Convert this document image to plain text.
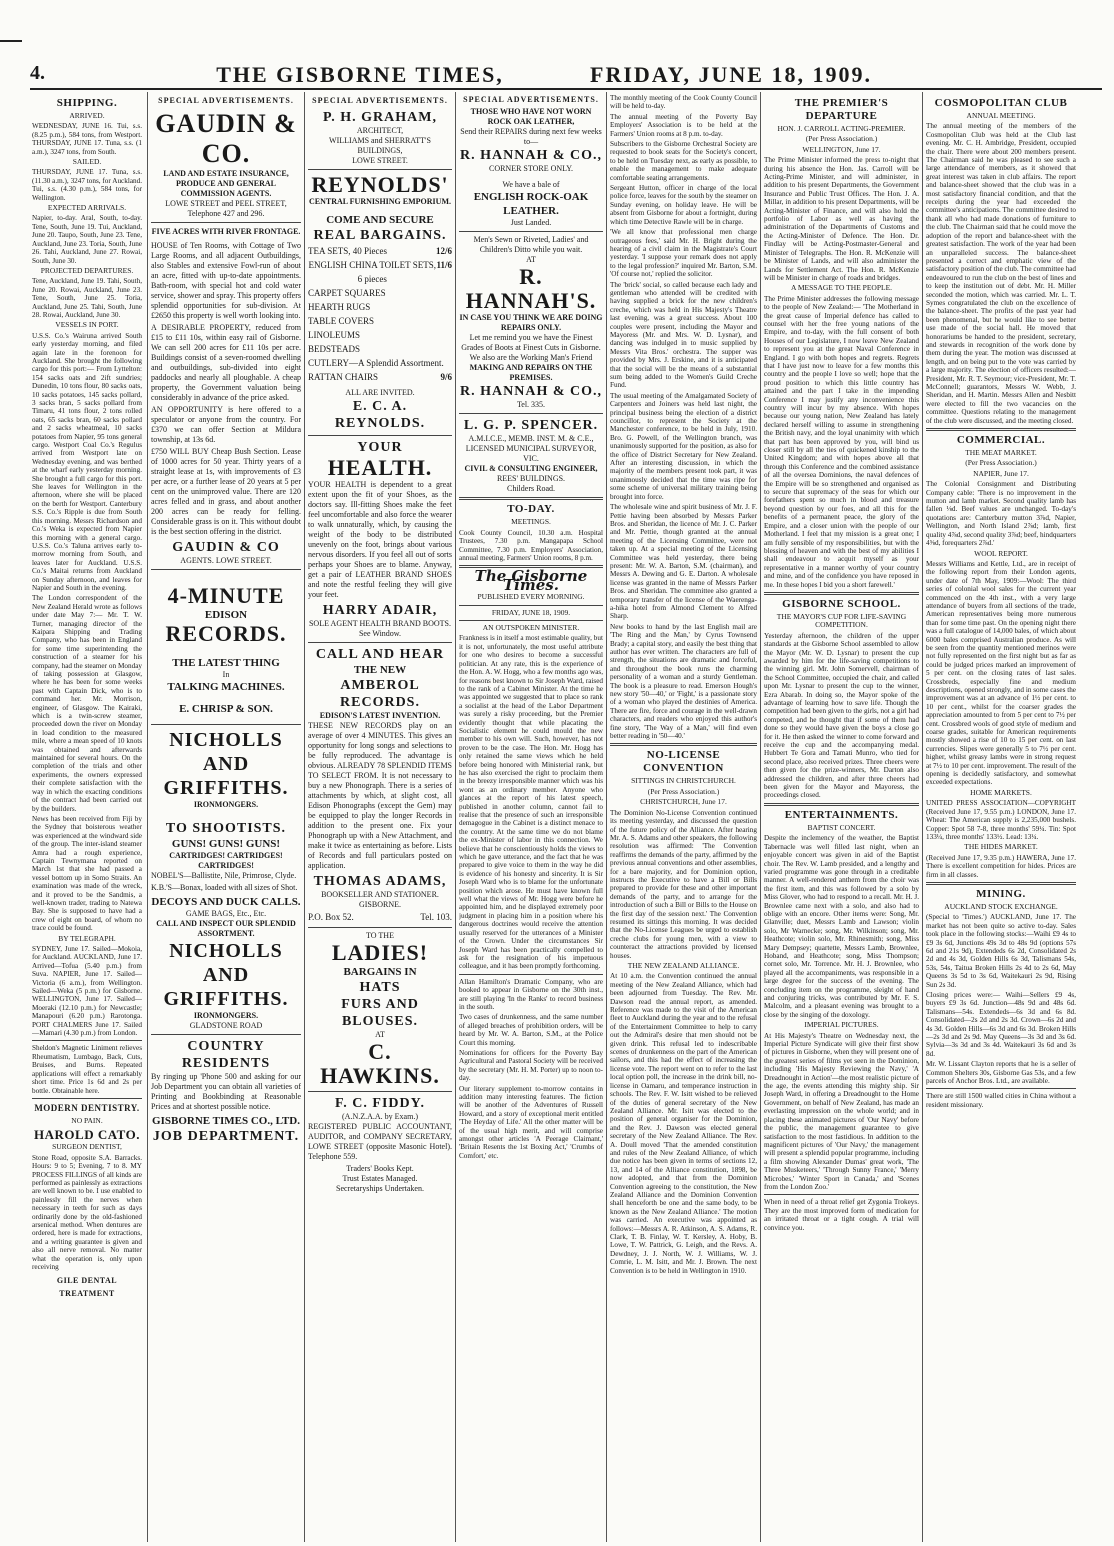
4.	THE GISBORNE TIMES,	FRIDAY, JUNE 18, 1909.
SHIPPING.
ARRIVED.

WEDNESDAY, JUNE 16. Tui, s.s. (8.25 p.m.), 584 tons, from Westport. THURSDAY, JUNE 17. Tuna, s.s. (1 a.m.), 3247 tons, from South.

SAILED.

THURSDAY, JUNE 17. Tuna, s.s. (11.30 a.m.), 3247 tons, for Auckland. Tui, s.s. (4.30 p.m.), 584 tons, for Wellington.

EXPECTED ARRIVALS.

Napier, to-day. Aral, South, to-day. Tene, South, June 19. Tui, Auckland, June 20. Taupo, South, June 23. Tene, Auckland, June 23. Toria, South, June 26. Tahi, Auckland, June 27. Rowai, South, June 30.

PROJECTED DEPARTURES.

Tene, Auckland, June 19. Tahi, South, June 20. Rowai, Auckland, June 23. Tene, South, June 25. Toria, Auckland, June 25. Tahi, South, June 28. Rowai, Auckland, June 30.

VESSELS IN PORT.

U.S.S. Co.'s Wairuna arrived South early yesterday morning, and filed again late in the forenoon for Auckland. She brought the following cargo for this port:— From Lyttelton: 154 sacks oats and 2ift sundries; Dunedin, 10 tons flour, 80 sacks oats, 10 sacks potatoes, 145 sacks pollard, 3 sacks bran, 5 sacks pollard from Timaru, 41 tons flour, 2 tons rolled oats, 65 sacks bran, 60 sacks pollard and 2 sacks wheatmeal, 10 sacks potatoes from Napier, 95 tons general cargo. Westport Coal Co.'s Regulus arrived from Westport late on Wednesday evening, and was berthed at the wharf early yesterday morning. She brought a full cargo for this port. She leaves for Wellington in the afternoon, where she will be placed on the berth for Westport. Canterbury S.S. Co.'s Ripple is due from South this morning. Messrs Richardson and Co.'s Weka is expected from Napier this morning with a general cargo. U.S.S. Co.'s Taluna arrives early to-morrow morning from South, and leaves later for Auckland. U.S.S. Co.'s Maitai returns from Auckland on Sunday afternoon, and leaves for Napier and South in the evening.

The London correspondent of the New Zealand Herald wrote as follows under date May 7:— Mr. T. W. Turner, managing director of the Kaipara Shipping and Trading Company, who has been in England for some time superintending the construction of a steamer for his company, had the steamer on Monday of taking possession at Glasgow, where he has been for some weeks past with Captain Dick, who is to command her. Mr. Morrison, engineer, of Glasgow. The Kairaki, which is a twin-screw steamer, proceeded down the river on Monday in load condition to the measured mile, where a mean speed of 10 knots was obtained and afterwards maintained for several hours. On the completion of the trials and other experiments, the owners expressed their complete satisfaction with the way in which the exacting conditions of the contract had been carried out by the builders.

News has been received from Fiji by the Sydney that boisterous weather was experienced at the windward side of the group. The inter-island steamer Amra had a rough experience, Captain Tewnymana reported on March 1st that she had passed a vessel bottom up in Somo Straits. An examination was made of the wreck, and it proved to be the Sandmis, a well-known trader, trading to Natewa Bay. She is supposed to have had a crew of eight on board, of whom no trace could be found.

BY TELEGRAPH.

SYDNEY, June 17. Sailed—Mokoia, for Auckland. AUCKLAND, June 17. Arrived—Tofua (5.40 p.m.) from Suva. NAPIER, June 17. Sailed—Victoria (6 a.m.), from Wellington. Sailed—Weka (5 p.m.) for Gisborne. WELLINGTON, June 17. Sailed—Moeraki (12.10 p.m.) for Newcastle; Manapouri (6.20 p.m.) Rarotonga. PORT CHALMERS June 17. Sailed—Mamari (4.30 p.m.) from London.

Sheldon's Magnetic Liniment relieves Rheumatism, Lumbago, Back, Cuts, Bruises, and Burns. Repeated applications will effect a remarkably short time. Price 1s 6d and 2s per bottle. Obtainable here.

MODERN DENTISTRY.
NO PAIN.
HAROLD CATO.
SURGEON DENTIST,

Stone Road, opposite S.A. Barracks. Hours: 9 to 5; Evening, 7 to 8. MY PROCESS FILLINGS of all kinds are performed as painlessly as extractions are well known to be. I use enabled to painlessly fill the nerves when necessary in teeth for such as days ordinarily done by the old-fashioned arsenical method. When dentures are ordered, here is made for extractions, and a writing guarantee is given and also all nerve removal. No matter what the operation is, only upon receiving

GILE DENTAL TREATMENT
SPECIAL ADVERTISEMENTS.
GAUDIN & CO.
LAND AND ESTATE INSURANCE, PRODUCE AND GENERAL COMMISSION AGENTS.
LOWE STREET and PEEL STREET, Telephone 427 and 296.
FIVE ACRES WITH RIVER FRONTAGE.

HOUSE of Ten Rooms, with Cottage of Two Large Rooms, and all adjacent Outbuildings, also Stables and extensive Fowl-run of about an acre, fitted with up-to-date appointments. Bath-room, with special hot and cold water service, shower and spray. This property offers splendid opportunities for sub-division. At £2650 this property is well worth looking into.

A DESIRABLE PROPERTY, reduced from £15 to £11 10s, within easy rail of Gisborne. We can sell 200 acres for £11 10s per acre. Buildings consist of a seven-roomed dwelling and outbuildings, sub-divided into eight paddocks and nearly all ploughable. A cheap property, the Government valuation being considerably in advance of the price asked.

AN OPPORTUNITY is here offered to a speculator or anyone from the country. For £370 we can offer Section at Mildura township, at 13s 6d.

£750 WILL BUY Cheap Bush Section. Lease of 1000 acres for 50 year. Thirty years of a straight lease at 1s, with improvements of £3 per acre, or a further lease of 20 years at 5 per cent on the unimproved value. There are 120 acres felled and in grass, and about another 200 acres can be ready for felling. Considerable grass is on it. This without doubt is the best section offering in the district.

GAUDIN & CO
AGENTS. LOWE STREET.
4-MINUTE
EDISON
RECORDS.
THE LATEST THING
In
TALKING MACHINES.
E. CHRISP & SON.
NICHOLLS AND GRIFFITHS.
IRONMONGERS.
TO SHOOTISTS.
GUNS! GUNS! GUNS!
CARTRIDGES! CARTRIDGES! CARTRIDGES!

NOBEL'S—Ballistite, Nile, Primrose, Clyde.

K.B.'S—Bonax, loaded with all sizes of Shot.

DECOYS AND DUCK CALLS.
GAME BAGS, Etc., Etc.
CALL AND INSPECT OUR SPLENDID ASSORTMENT.
NICHOLLS AND GRIFFITHS.
IRONMONGERS.
GLADSTONE ROAD
COUNTRY
RESIDENTS

By ringing up 'Phone 500 and asking for our Job Department you can obtain all varieties of Printing and Bookbinding at Reasonable Prices and at shortest possible notice.

GISBORNE TIMES CO., LTD.
JOB DEPARTMENT.
SPECIAL ADVERTISEMENTS.
P. H. GRAHAM,
ARCHITECT,
WILLIAMS and SHERRATT'S BUILDINGS,
LOWE STREET.
REYNOLDS'
CENTRAL FURNISHING EMPORIUM.
COME AND SECURE
REAL BARGAINS.
TEA SETS, 40 Pieces	12/6
ENGLISH CHINA TOILET SETS, 6 pieces
11/6
CARPET SQUARES
HEARTH RUGS
TABLE COVERS
LINOLEUMS
BEDSTEADS
CUTLERY—A Splendid Assortment.
RATTAN CHAIRS	9/6
ALL ARE INVITED.
E. C. A. REYNOLDS.
YOUR
HEALTH.

YOUR HEALTH is dependent to a great extent upon the fit of your Shoes, as the doctors say. Ill-fitting Shoes make the feet feel uncomfortable and also force the wearer to walk unnaturally, which, by causing the weight of the body to be distributed unevenly on the foot, brings about various nervous disorders. If you feel all out of sorts perhaps your Shoes are to blame. Anyway, get a pair of LEATHER BRAND SHOES and note the restful feeling they will give your feet.

HARRY ADAIR,
SOLE AGENT HEALTH BRAND BOOTS. See Window.
CALL AND HEAR
THE NEW
AMBEROL RECORDS.
EDISON'S LATEST INVENTION.

THESE NEW RECORDS play on an average of over 4 MINUTES. This gives an opportunity for long songs and selections to be fully reproduced. The advantage is obvious. ALREADY 78 SPLENDID ITEMS TO SELECT FROM. It is not necessary to buy a new Phonograph. There is a series of attachments by which, at slight cost, all Edison Phonographs (except the Gem) may be equipped to play the longer Records in addition to the present one. Fix your Phonograph up with a New Attachment, and make it twice as entertaining as before. Lists of Records and full particulars posted on application.

THOMAS ADAMS,
BOOKSELLER AND STATIONER. GISBORNE.
P.O. Box 52.	Tel. 103.
TO THE
LADIES!
BARGAINS IN
HATS
FURS AND
BLOUSES.
AT
C. HAWKINS.
F. C. FIDDY.
(A.N.Z.A.A. by Exam.)

REGISTERED PUBLIC ACCOUNTANT, AUDITOR, and COMPANY SECRETARY, LOWE STREET (opposite Masonic Hotel). Telephone 559.

Traders' Books Kept.
Trust Estates Managed.
Secretaryships Undertaken.
SPECIAL ADVERTISEMENTS.
THOSE WHO HAVE NOT WORN ROCK OAK LEATHER,
Send their REPAIRS during next few weeks to—
R. HANNAH & CO.,
CORNER STORE ONLY.
We have a bale of
ENGLISH ROCK-OAK LEATHER.
Just Landed.
Men's Sewn or Riveted, Ladies' and Children's Ditto while you wait.
AT
R. HANNAH'S.
IN CASE YOU THINK WE ARE DOING REPAIRS ONLY.
Let me remind you we have the Finest Grades of Boots at Finest Cuts in Gisborne.
We also are the Working Man's Friend
MAKING AND REPAIRS ON THE PREMISES.
R. HANNAH & CO.,
Tel. 335.
L. G. P. SPENCER.
A.M.I.C.E., MEMB. INST. M. & C.E., LICENSED MUNICIPAL SURVEYOR, VIC.
CIVIL & CONSULTING ENGINEER,
REES' BUILDINGS.
Childers Road.
TO-DAY.
MEETINGS.

Cook County Council, 10.30 a.m. Hospital Trustees, 7.30 p.m. Mangapapa School Committee, 7.30 p.m. Employers' Association, annual meeting, Farmers' Union rooms, 8 p.m.

The Gisborne Times.
PUBLISHED EVERY MORNING.
FRIDAY, JUNE 18, 1909.
AN OUTSPOKEN MINISTER.

Frankness is in itself a most estimable quality, but it is not, unfortunately, the most useful attribute for one who desires to become a successful politician. At any rate, this is the experience of the Hon. A. W. Hogg, who a few months ago was, for reasons best known to Sir Joseph Ward, raised to the rank of a Cabinet Minister. At the time he was appointed we suggested that to place so rank a socialist at the head of the Labor Department was surely a risky proceeding, but the Premier evidently thought that while placating the Socialistic element he could mould the new member to his own will. Such, however, has not proven to be the case. The Hon. Mr. Hogg has only retained the same views which he held before being honored with Ministerial rank, but he has also exercised the right to proclaim them in the breezy irresponsible manner which was his wont as an ordinary member. Anyone who glances at the report of his latest speech, published in another column, cannot fail to realise that the presence of such an irresponsible demagogue in the Cabinet is a distinct menace to the country. At the same time we do not blame the ex-Minister of labor in this connection. We believe that he conscientiously holds the views to which he gave utterance, and the fact that he was prepared to give voice to them in the way he did is evidence of his honesty and sincerity. It is Sir Joseph Ward who is to blame for the unfortunate position which arose. He must have known full well what the views of Mr. Hogg were before he appointed him, and he displayed extremely poor judgment in placing him in a position where his dangerous doctrines would receive the attention usually reserved for the utterances of a Minister of the Crown. Under the circumstances Sir Joseph Ward has been practically compelled to ask for the resignation of his impetuous colleague, and it has been promptly forthcoming.

Allan Hamilton's Dramatic Company, who are booked to appear in Gisborne on the 30th inst., are still playing 'In the Ranks' to record business in the south.

Two cases of drunkenness, and the same number of alleged breaches of prohibition orders, will be heard by Mr. W. A. Barton, S.M., at the Police Court this morning.

Nominations for officers for the Poverty Bay Agricultural and Pastoral Society will be received by the secretary (Mr. H. M. Porter) up to noon to-day.

Our literary supplement to-morrow contains in addition many interesting features. The fiction will be another of the Adventures of Russell Howard, and a story of exceptional merit entitled 'The Heyday of Life.' All the other matter will be of the usual high merit, and will comprise amongst other articles 'A Peerage Claimant,' 'Britain Resents the 1st Boxing Act,' 'Crumbs of Comfort,' etc.

The monthly meeting of the Cook County Council will be held to-day.

The annual meeting of the Poverty Bay Employers' Association is to be held at the Farmers' Union rooms at 8 p.m. to-day.

Subscribers to the Gisborne Orchestral Society are requested to book seats for the Society's concert, to be held on Tuesday next, as early as possible, to enable the management to make adequate comfortable seating arrangements.

Sergeant Hutton, officer in charge of the local police force, leaves for the south by the steamer on Sunday evening, on holiday leave. He will be absent from Gisborne for about a fortnight, during which time Detective Rawle will be in charge.

'We all know that professional men charge outrageous fees,' said Mr. H. Bright during the hearing of a civil claim in the Magistrate's Court yesterday. 'I suppose your remark does not apply to the legal profession?' inquired Mr. Barton, S.M. 'Of course not,' replied the solicitor.

The 'brick' social, so called because each lady and gentleman who attended will be credited with having supplied a brick for the new children's creche, which was held in His Majesty's Theatre last evening, was a great success. About 100 couples were present, including the Mayor and Mayoress (Mr. and Mrs. W. D. Lysnar), and dancing was indulged in to music supplied by Messrs Vita Bros.' orchestra. The supper was provided by Mrs. J. Erskine, and it is anticipated that the social will be the means of a substantial sum being added to the Women's Guild Creche Fund.

The usual meeting of the Amalgamated Society of Carpenters and Joiners was held last night, the principal business being the election of a district councillor, to represent the Society at the Manchester conference, to be held in July, 1910. Bro. G. Powell, of the Wellington branch, was unanimously supported for the position, as also for the office of District Secretary for New Zealand. After an interesting discussion, in which the majority of the members present took part, it was unanimously decided that the time was ripe for some scheme of universal military training being brought into force.

The wholesale wine and spirit business of Mr. J. F. Pettie having been absorbed by Messrs Parker Bros. and Sheridan, the licence of Mr. J. C. Parker and Mr. Pettie, though granted at the annual meeting of the Licensing Committee, were not taken up. At a special meeting of the Licensing Committee was held yesterday, there being present: Mr. W. A. Barton, S.M. (chairman), and Messrs A. Dewing and G. E. Darton. A wholesale license was granted in the name of Messrs Parker Bros. and Sheridan. The committee also granted a temporary transfer of the license of the Waerenga-a-hika hotel from Almond Clement to Alfred Sharp.

New books to hand by the last English mail are 'The Ring and the Man,' by Cyrus Townsend Brady; a capital story, and easily the best thing that author has ever written. The characters are full of strength, the situations are dramatic and forceful, and throughout the book runs the charming personality of a woman and a sturdy Gentleman. The book is a pleasure to read. Emerson Hough's new story '50—40,' or 'Fight,' is a passionate story of a woman who played the destinies of America. There are fire, force and courage in the well-drawn characters, and readers who enjoyed this author's fine story, 'The Way of a Man,' will find even better reading in '50—40.'

NO-LICENSE CONVENTION
SITTINGS IN CHRISTCHURCH.
(Per Press Association.)
CHRISTCHURCH, June 17.

The Dominion No-License Convention continued its meeting yesterday, and discussed the question of the future policy of the Alliance. After hearing Mr. A. S. Adams and other speakers, the following resolution was affirmed: 'The Convention reaffirms the demands of the party, affirmed by the previous annual conventions and other assemblies, for a bare majority, and for Dominion option, instructs the Executive to have a Bill or Bills prepared to provide for these and other important demands of the party, and to arrange for the introduction of such a Bill or Bills to the House on the first day of the session next.' The Convention resumed its sittings this morning. It was decided that the No-License Leagues be urged to establish creche clubs for young men, with a view to counteract the attractions provided by licensed houses.

THE NEW ZEALAND ALLIANCE.

At 10 a.m. the Convention continued the annual meeting of the New Zealand Alliance, which had been adjourned from Tuesday. The Rev. Mr. Dawson read the annual report, as amended. Reference was made to the visit of the American fleet to Auckland during the year and to the refusal of the Entertainment Committee to help to carry out the Admiral's desire that men should not be given drink. This refusal led to indescribable scenes of drunkenness on the part of the American sailors, and this had the effect of increasing the license vote. The report went on to refer to the last local option poll, the increase in the drink bill, no-license in Oamaru, and temperance instruction in schools. The Rev. F. W. Isitt wished to be relieved of the duties of general secretary of the New Zealand Alliance. Mr. Isitt was elected to the position of general organiser for the Dominion, and the Rev. J. Dawson was elected general secretary of the New Zealand Alliance. The Rev. A. Doull moved 'That the amended constitution and rules of the New Zealand Alliance, of which due notice has been given in terms of sections 12, 13, and 14 of the Alliance constitution, 1898, be now adopted, and that from the Dominion Convention agreeing to the constitution, the New Zealand Alliance and the Dominion Convention shall henceforth be one and the same body, to be known as the New Zealand Alliance.' The motion was carried. An executive was appointed as follows:—Messrs A. R. Atkinson, A. S. Adams, R. Clark, T. B. Finlay, W. T. Kersley, A. Hoby, B. Lowe, T. W. Pattrick, G. Leigh, and the Revs. A. Dewdney, J. J. North, W. J. Williams, W. J. Comrie, L. M. Isitt, and Mr. J. Brown. The next Convention is to be held in Wellington in 1910.

THE PREMIER'S DEPARTURE
HON. J. CARROLL ACTING-PREMIER.
(Per Press Association.)
WELLINGTON, June 17.

The Prime Minister informed the press to-night that during his absence the Hon. Jas. Carroll will be Acting-Prime Minister, and will administer, in addition to his present Departments, the Government Insurance and Public Trust Offices. The Hon. J. A. Millar, in addition to his present Departments, will be Acting-Minister of Finance, and will also hold the portfolio of Labor as well as having the administration of the Departments of Customs and the Acting-Minister of Defence. The Hon. Dr. Findlay will be Acting-Postmaster-General and Minister of Telegraphs. The Hon. R. McKenzie will be Minister of Lands, and will also administer the Lands for Settlement Act. The Hon. R. McKenzie will be Minister in charge of roads and bridges.

A MESSAGE TO THE PEOPLE.

The Prime Minister addresses the following message to the people of New Zealand:— 'The Motherland in the great cause of Imperial defence has called to counsel with her the free young nations of the Empire, and to-day, with the full consent of both Houses of our Legislature, I now leave New Zealand to represent you at the great Naval Conference in England. I go with both hopes and regrets. Regrets that I have just now to leave for a few months this country and the people I love so well; hope that the proud position to which this little country has attained and the part I take in the impending Conference I may justify any inconvenience this country will incur by my absence. With hopes because our young nation, New Zealand has lately declared herself willing to assume in strengthening the British navy, and the loyal unanimity with which that part has been approved by you, will bind us closer still by all the ties of quickened kinship to the United Kingdom; and with hopes above all that through this Conference and the combined assistance of all the oversea Dominions, the naval defences of the Empire will be so strengthened and organised as to secure that supremacy of the seas for which our forefathers spent so much in blood and treasure beyond question by our foes, and all this for the benefits of a permanent peace, the glory of the Empire, and a closer union with the people of our Motherland. I feel that my mission is a great one; I am fully sensible of my responsibilities, but with the blessing of heaven and with the best of my abilities I shall endeavour to acquit myself as your representative in a manner worthy of your country and mine, and of the confidence you have reposed in me. In these hopes I bid you a short farewell.'

GISBORNE SCHOOL.
THE MAYOR'S CUP FOR LIFE-SAVING COMPETITION.

Yesterday afternoon, the children of the upper standards at the Gisborne School assembled to allow the Mayor (Mr. W. D. Lysnar) to present the cup awarded by him for the life-saving competitions to the winning girl. Mr. John Somervell, chairman of the School Committee, occupied the chair, and called upon Mr. Lysnar to present the cup to the winner, Ezra Abarab. In doing so, the Mayor spoke of the advantage of learning how to save life. Though the competition had been given to the girls, not a girl had competed, and he thought that if some of them had done so they would have given the boys a close go for it. He then asked the winner to come forward and receive the cup and the accompanying medal. Hubbert Te Gora and Tamati Munro, who tied for second place, also received prizes. Three cheers were then given for the prize-winners, Mr. Darton also addressed the children, and after three cheers had been given for the Mayor and Mayoress, the proceedings closed.

ENTERTAINMENTS.
BAPTIST CONCERT.

Despite the inclemency of the weather, the Baptist Tabernacle was well filled last night, when an enjoyable concert was given in aid of the Baptist choir. The Rev. W. Lamb presided, and a lengthy and varied programme was gone through in a creditable manner. A well-rendered anthem from the choir was the first item, and this was followed by a solo by Miss Glover, who had to respond to a recall. Mr. H. J. Brownlee came next with a solo, and also had to oblige with an encore. Other items were: Song, Mr. Glanville; duet, Messrs Lamb and Lawson; violin solo, Mr Warnecke; song, Mr. Wilkinson; song, Mr. Heathcote; violin solo, Mr. Rhinesmith; song, Miss Mary Dempsey; quartette, Messrs Lamb, Brownlee, Hoband, and Heathcote; song, Miss Thompson; cornet solo, Mr. Torrence. Mr. H. J. Brownlee, who played all the accompaniments, was responsible in a large degree for the success of the evening. The concluding item on the programme, sleight of hand and conjuring tricks, was contributed by Mr. F. S. Malcolm, and a pleasant evening was brought to a close by the singing of the doxology.

IMPERIAL PICTURES.

At His Majesty's Theatre on Wednesday next, the Imperial Picture Syndicate will give their first show of pictures in Gisborne, when they will present one of the greatest series of films yet seen in the Dominion, including 'His Majesty Reviewing the Navy,' 'A Dreadnought in Action'—the most realistic picture of the age, the events attending this mighty ship. Sir Joseph Ward, in offering a Dreadnought to the Home Government, on behalf of New Zealand, has made an everlasting impression on the whole world; and in placing these animated pictures of 'Our Navy' before the public, the management guarantee to give satisfaction to the most fastidious. In addition to the magnificent pictures of 'Our Navy,' the management will present a splendid popular programme, including a film showing Alexander Dumas' great work, 'The Three Musketeers,' 'Through Sunny France,' 'Merry Microbes,' 'Winter Sport in Canada,' and 'Scenes from the London Zoo.'

When in need of a throat relief get Zygonia Trokeys. They are the most improved form of medication for an irritated throat or a tight cough. A trial will convince you.

COSMOPOLITAN CLUB
ANNUAL MEETING.

The annual meeting of the members of the Cosmopolitan Club was held at the Club last evening. Mr. C. H. Ambridge, President, occupied the chair. There were about 200 members present. The Chairman said he was pleased to see such a large attendance of members, as it showed that great interest was taken in club affairs. The report and balance-sheet showed that the club was in a most satisfactory financial condition, and that the receipts during the year had exceeded the committee's anticipations. The committee desired to thank all who had made donations of furniture to the club. The Chairman said that he could move the adoption of the report and balance-sheet with the greatest satisfaction. The work of the year had been an unparalleled success. The balance-sheet presented a correct and emphatic view of the satisfactory position of the club. The committee had endeavoured to run the club on the best of lines and to keep the institution out of debt. Mr. H. Miller seconded the motion, which was carried. Mr. L. T. Symes congratulated the club on the excellence of the balance-sheet. The profits of the past year had been phenomenal, but he would like to see better use made of the social hall. He moved that honorariums be handed to the president, secretary, and stewards in recognition of the work done by them during the year. The motion was discussed at length, and on being put to the vote was carried by a large majority. The election of officers resulted:—President, Mr. R. T. Seymour; vice-President, Mr. T. McConnell; guarantors, Messrs W. Webb, J. Sheridan, and H. Martin. Messrs Allen and Nesbitt were elected to fill the two vacancies on the committee. Questions relating to the management of the club were discussed, and the meeting closed.

COMMERCIAL.
THE MEAT MARKET.
(Per Press Association.)
NAPIER, June 17.

The Colonial Consignment and Distributing Company cable: 'There is no improvement in the mutton and lamb market. Second quality lamb has fallen ⅛d. Beef values are unchanged. To-day's quotations are: Canterbury mutton 3⅞d, Napier, Wellington, and North Island 2⅞d; lamb, first quality 4⅞d, second quality 3⅞d; beef, hindquarters 4⅝d, forequarters 2⅞d.'

WOOL REPORT.

Messrs Williams and Kettle, Ltd., are in receipt of the following report from their London agents, under date of 7th May, 1909:—Wool: The third series of colonial wool sales for the current year commenced on the 4th inst., with a very large attendance of buyers from all sections of the trade, American representatives being more numerous than for some time past. On the opening night there was a full catalogue of 14,000 bales, of which about 6000 bales comprised Australian produce. As will be seen from the quantity mentioned merinos were not fully represented on the first night but as far as could be judged prices marked an improvement of 5 per cent. on the closing rates of last sales. Crossbreds, especially fine and medium descriptions, opened strongly, and in some cases the improvement was at an advance of 1½ per cent. to 10 per cent., whilst for the coarser grades the appreciation amounted to from 5 per cent to 7½ per cent. Crossbred wools of good style of medium and coarse grades, suitable for American requirements mostly showed a rise of 10 to 15 per cent. on last currencies. Slipes were generally 5 to 7½ per cent. higher, whilst greasy lambs were in strong request at 7½ to 10 per cent. improvement. The result of the opening is decidedly satisfactory, and somewhat exceeded expectations.

HOME MARKETS.

UNITED PRESS ASSOCIATION—COPYRIGHT (Received June 17, 9.55 p.m.) LONDON, June 17. Wheat: The American supply is 2,235,000 bushels. Copper: Spot 58 7-8, three months' 59¼. Tin: Spot 133¼, three months' 133½. Lead: 13¼.

THE HIDES MARKET.

(Received June 17, 9.35 p.m.) HAWERA, June 17. There is excellent competition for hides. Prices are firm in all classes.

MINING.
AUCKLAND STOCK EXCHANGE.

(Special to 'Times.') AUCKLAND, June 17. The market has not been quite so active to-day. Sales took place in the following stocks:—Waihi £9 4s to £9 3s 6d, Junctions 49s 3d to 48s 9d (options 57s 6d and 21s 9d), Extendeds 6s 2d, Consolidated 2s 2d and 4s 3d, Golden Hills 6s 3d, Talismans 54s, 53s, 54s, Taitua Broken Hills 2s 4d to 2s 6d, May Queens 3s 5d to 3s 6d, Waitekauri 2s 9d, Rising Sun 2s 3d.

Closing prices were:— Waihi—Sellers £9 4s, buyers £9 3s 6d. Junction—48s 9d and 48s 6d. Talismans—54s. Extendeds—6s 3d and 6s 8d. Consolidated—2s 2d and 2s 3d. Crown—6s 2d and 4s 3d. Golden Hills—6s 3d and 6s 3d. Broken Hills—2s 3d and 2s 9d. May Queens—3s 3d and 3s 6d. Sylvia—3s 3d and 3s 4d. Waitekauri 3s 6d and 3s 8d.

Mr. W. Lissant Clayton reports that he is a seller of Common Shelters 30s, Gisborne Gas 53s, and a few parcels of Anchor Bros. Ltd., are available.

There are still 1500 walled cities in China without a resident missionary.
